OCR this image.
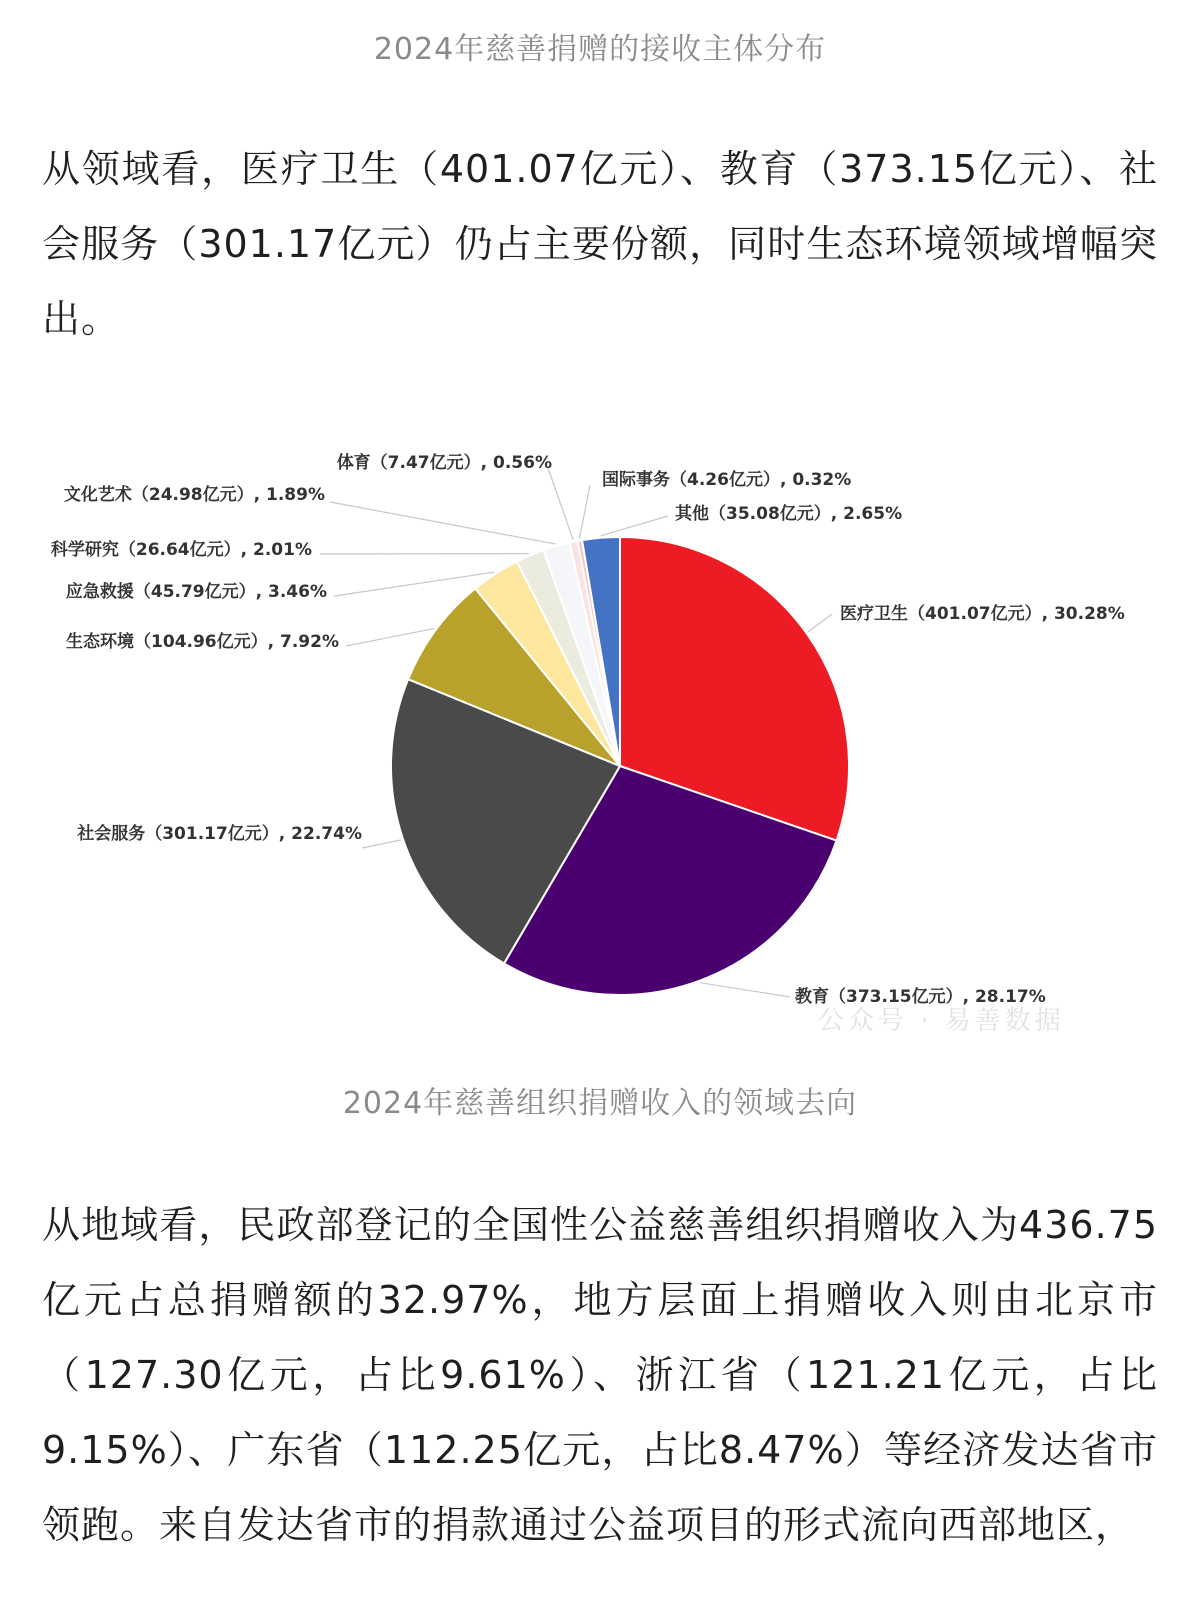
2024年慈善捐赠的接收主体分布
从领域看，医疗卫生（401.07亿元）、教育（373.15亿元）、社会服务（301.17亿元）仍占主要份额，同时生态环境领域增幅突出。
医疗卫生（401.07亿元）, 30.28%
教育（373.15亿元）, 28.17%
社会服务（301.17亿元）, 22.74%
生态环境（104.96亿元）, 7.92%
应急救援（45.79亿元）, 3.46%
科学研究（26.64亿元）, 2.01%
文化艺术（24.98亿元）, 1.89%
体育（7.47亿元）, 0.56%
国际事务（4.26亿元）, 0.32%
其他（35.08亿元）, 2.65%
公众号 · 易善数据
2024年慈善组织捐赠收入的领域去向
从地域看，民政部登记的全国性公益慈善组织捐赠收入为436.75亿元占总捐赠额的32.97%，地方层面上捐赠收入则由北京市（127.30亿元，占比9.61%）、浙江省（121.21亿元，占比9.15%）、广东省（112.25亿元，占比8.47%）等经济发达省市领跑。来自发达省市的捐款通过公益项目的形式流向西部地区，
